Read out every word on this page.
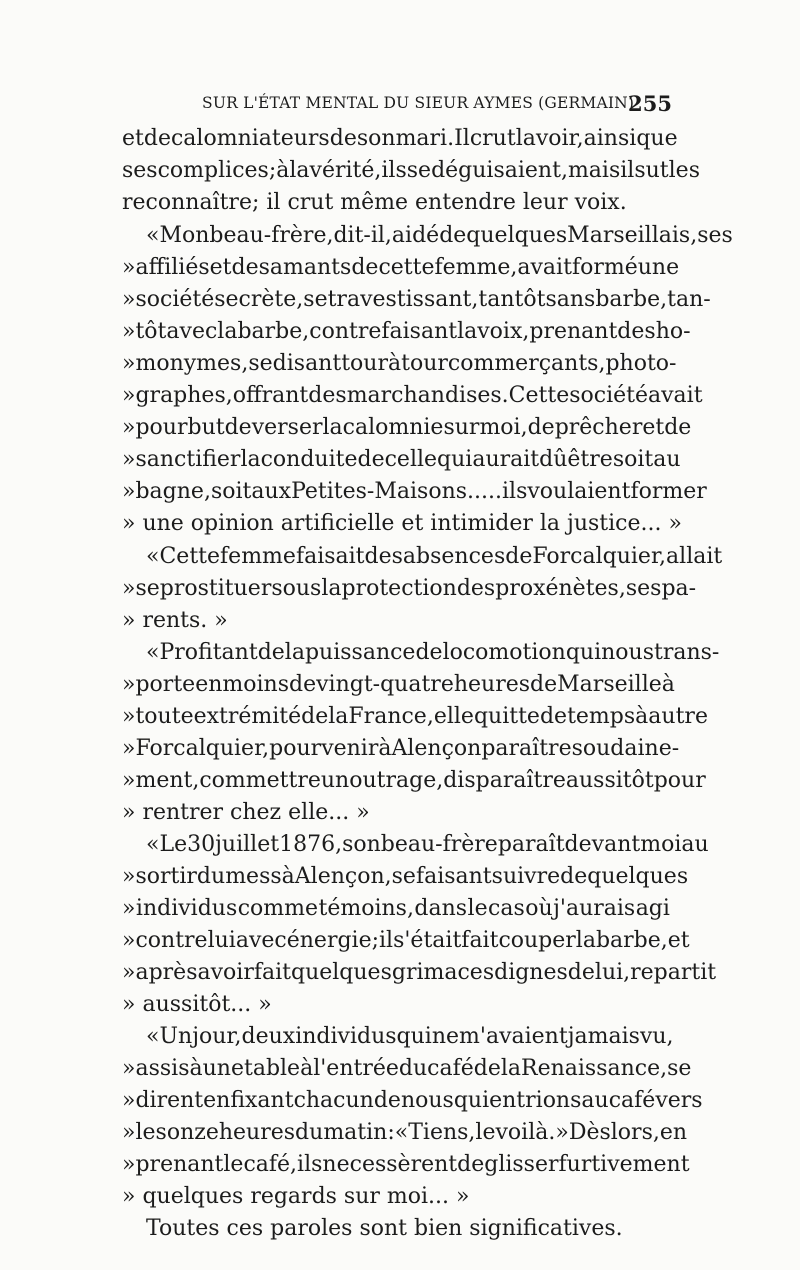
SUR L'ÉTAT MENTAL DU SIEUR AYMES (GERMAIN)
255
et de calomniateurs de son mari. Il crut la voir, ainsi que
ses complices; à la vérité, ils se déguisaient, mais il sut les
reconnaître; il crut même entendre leur voix.
« Mon beau-frère, dit-il, aidé de quelques Marseillais, ses
» affiliés et des amants de cette femme, avait formé une
» société secrète, se travestissant, tantôt sans barbe, tan-
» tôt avec la barbe, contrefaisant la voix, prenant des ho-
» monymes, se disant tour à tour commerçants, photo-
» graphes, offrant des marchandises. Cette société avait
» pour but de verser la calomnie sur moi, de prêcher et de
» sanctifier la conduite de celle qui aurait dû être soit au
» bagne, soit aux Petites-Maisons..... ils voulaient former
» une opinion artificielle et intimider la justice... »
« Cette femme faisait des absences de Forcalquier, allait
» se prostituer sous la protection des proxénètes, ses pa-
» rents. »
« Profitant de la puissance de locomotion qui nous trans-
» porte en moins de vingt-quatre heures de Marseille à
» toute extrémité de la France, elle quitte de temps à autre
» Forcalquier, pour venir à Alençon paraître soudaine-
» ment, commettre un outrage, disparaître aussitôt pour
» rentrer chez elle... »
« Le 30 juillet 1876, son beau-frère paraît devant moi au
» sortir du mess à Alençon, se faisant suivre de quelques
» individus comme témoins, dans le cas où j'aurais agi
» contre lui avec énergie; il s'était fait couper la barbe, et
» après avoir fait quelques grimaces dignes de lui, repartit
» aussitôt... »
« Un jour, deux individus qui ne m'avaient jamais vu,
» assis à une table à l'entrée du café de la Renaissance, se
» dirent en fixant chacun de nous qui entrions au café vers
» les onze heures du matin : « Tiens, le voilà. » Dès lors, en
» prenant le café, ils ne cessèrent de glisser furtivement
» quelques regards sur moi... »
Toutes ces paroles sont bien significatives.
